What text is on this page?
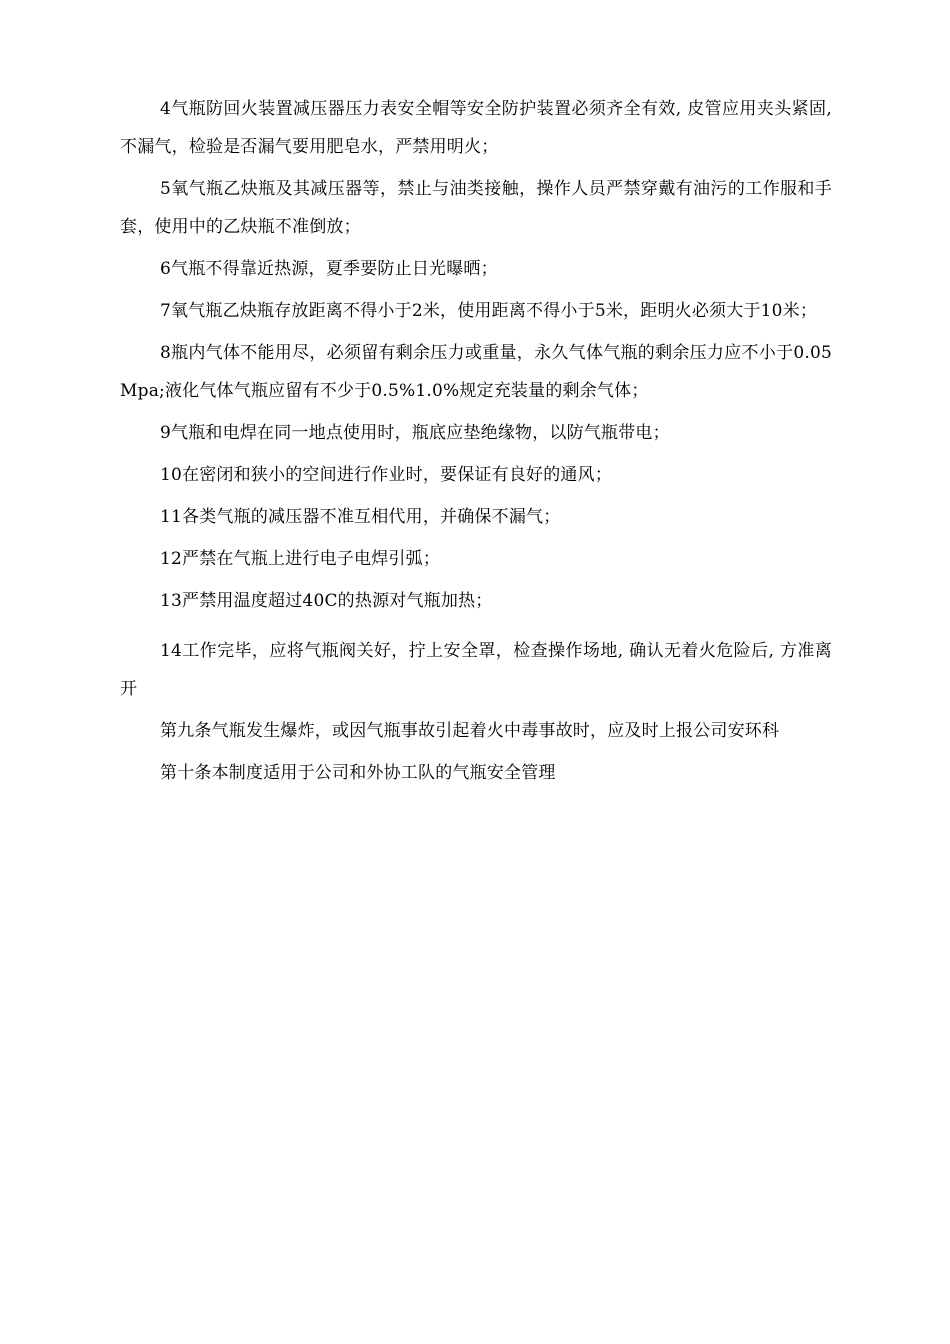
4气瓶防回火装置减压器压力表安全帽等安全防护装置必须齐全有效, 皮管应用夹头紧固, 不漏气，检验是否漏气要用肥皂水，严禁用明火；

5氧气瓶乙炔瓶及其减压器等，禁止与油类接触，操作人员严禁穿戴有油污的工作服和手套，使用中的乙炔瓶不准倒放；

6气瓶不得靠近热源，夏季要防止日光曝晒；

7氧气瓶乙炔瓶存放距离不得小于2米，使用距离不得小于5米，距明火必须大于10米；

8瓶内气体不能用尽，必须留有剩余压力或重量，永久气体气瓶的剩余压力应不小于0.05Mpa;液化气体气瓶应留有不少于0.5%1.0%规定充装量的剩余气体；

9气瓶和电焊在同一地点使用时，瓶底应垫绝缘物，以防气瓶带电；

10在密闭和狭小的空间进行作业时，要保证有良好的通风；

11各类气瓶的减压器不准互相代用，并确保不漏气；

12严禁在气瓶上进行电子电焊引弧；

13严禁用温度超过40C的热源对气瓶加热；

14工作完毕，应将气瓶阀关好，拧上安全罩，检查操作场地, 确认无着火危险后, 方准离开

第九条气瓶发生爆炸，或因气瓶事故引起着火中毒事故时，应及时上报公司安环科

第十条本制度适用于公司和外协工队的气瓶安全管理
